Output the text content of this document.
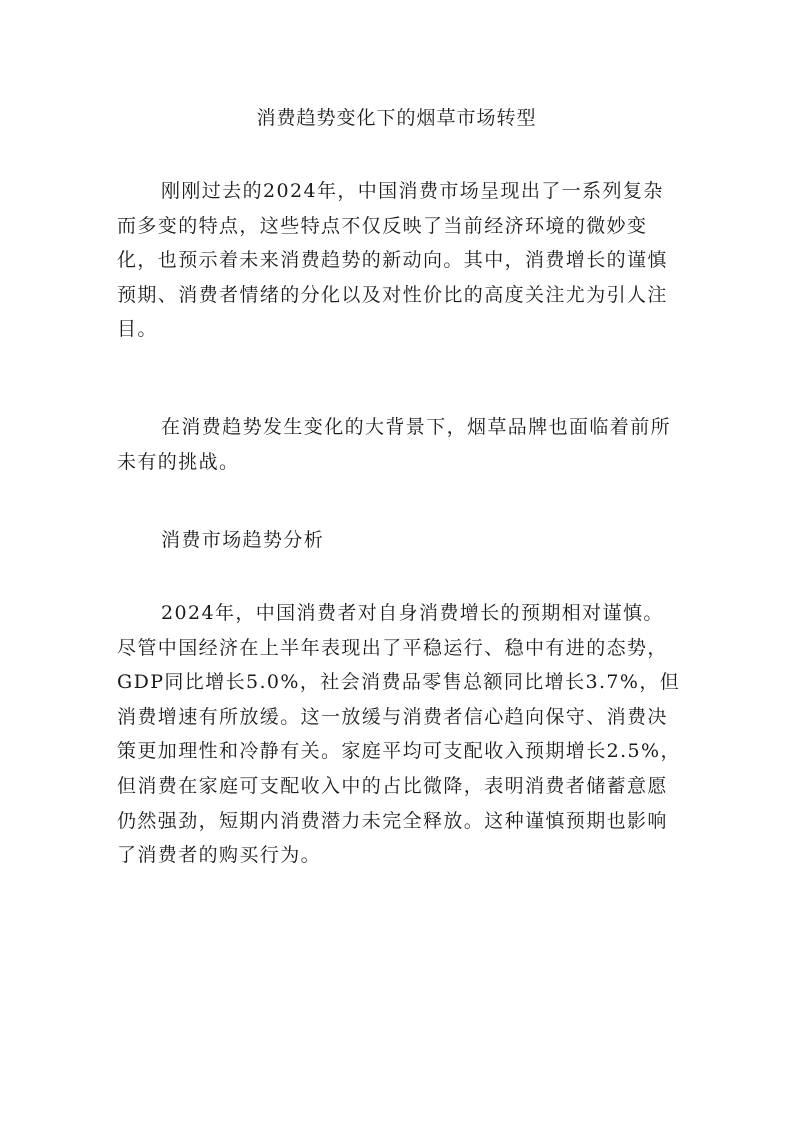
消费趋势变化下的烟草市场转型

刚刚过去的2024年，中国消费市场呈现出了一系列复杂而多变的特点，这些特点不仅反映了当前经济环境的微妙变化，也预示着未来消费趋势的新动向。其中，消费增长的谨慎预期、消费者情绪的分化以及对性价比的高度关注尤为引人注目。

在消费趋势发生变化的大背景下，烟草品牌也面临着前所未有的挑战。

消费市场趋势分析

2024年，中国消费者对自身消费增长的预期相对谨慎。尽管中国经济在上半年表现出了平稳运行、稳中有进的态势，GDP同比增长5.0%，社会消费品零售总额同比增长3.7%，但消费增速有所放缓。这一放缓与消费者信心趋向保守、消费决策更加理性和冷静有关。家庭平均可支配收入预期增长2.5%，但消费在家庭可支配收入中的占比微降，表明消费者储蓄意愿仍然强劲，短期内消费潜力未完全释放。这种谨慎预期也影响了消费者的购买行为。
